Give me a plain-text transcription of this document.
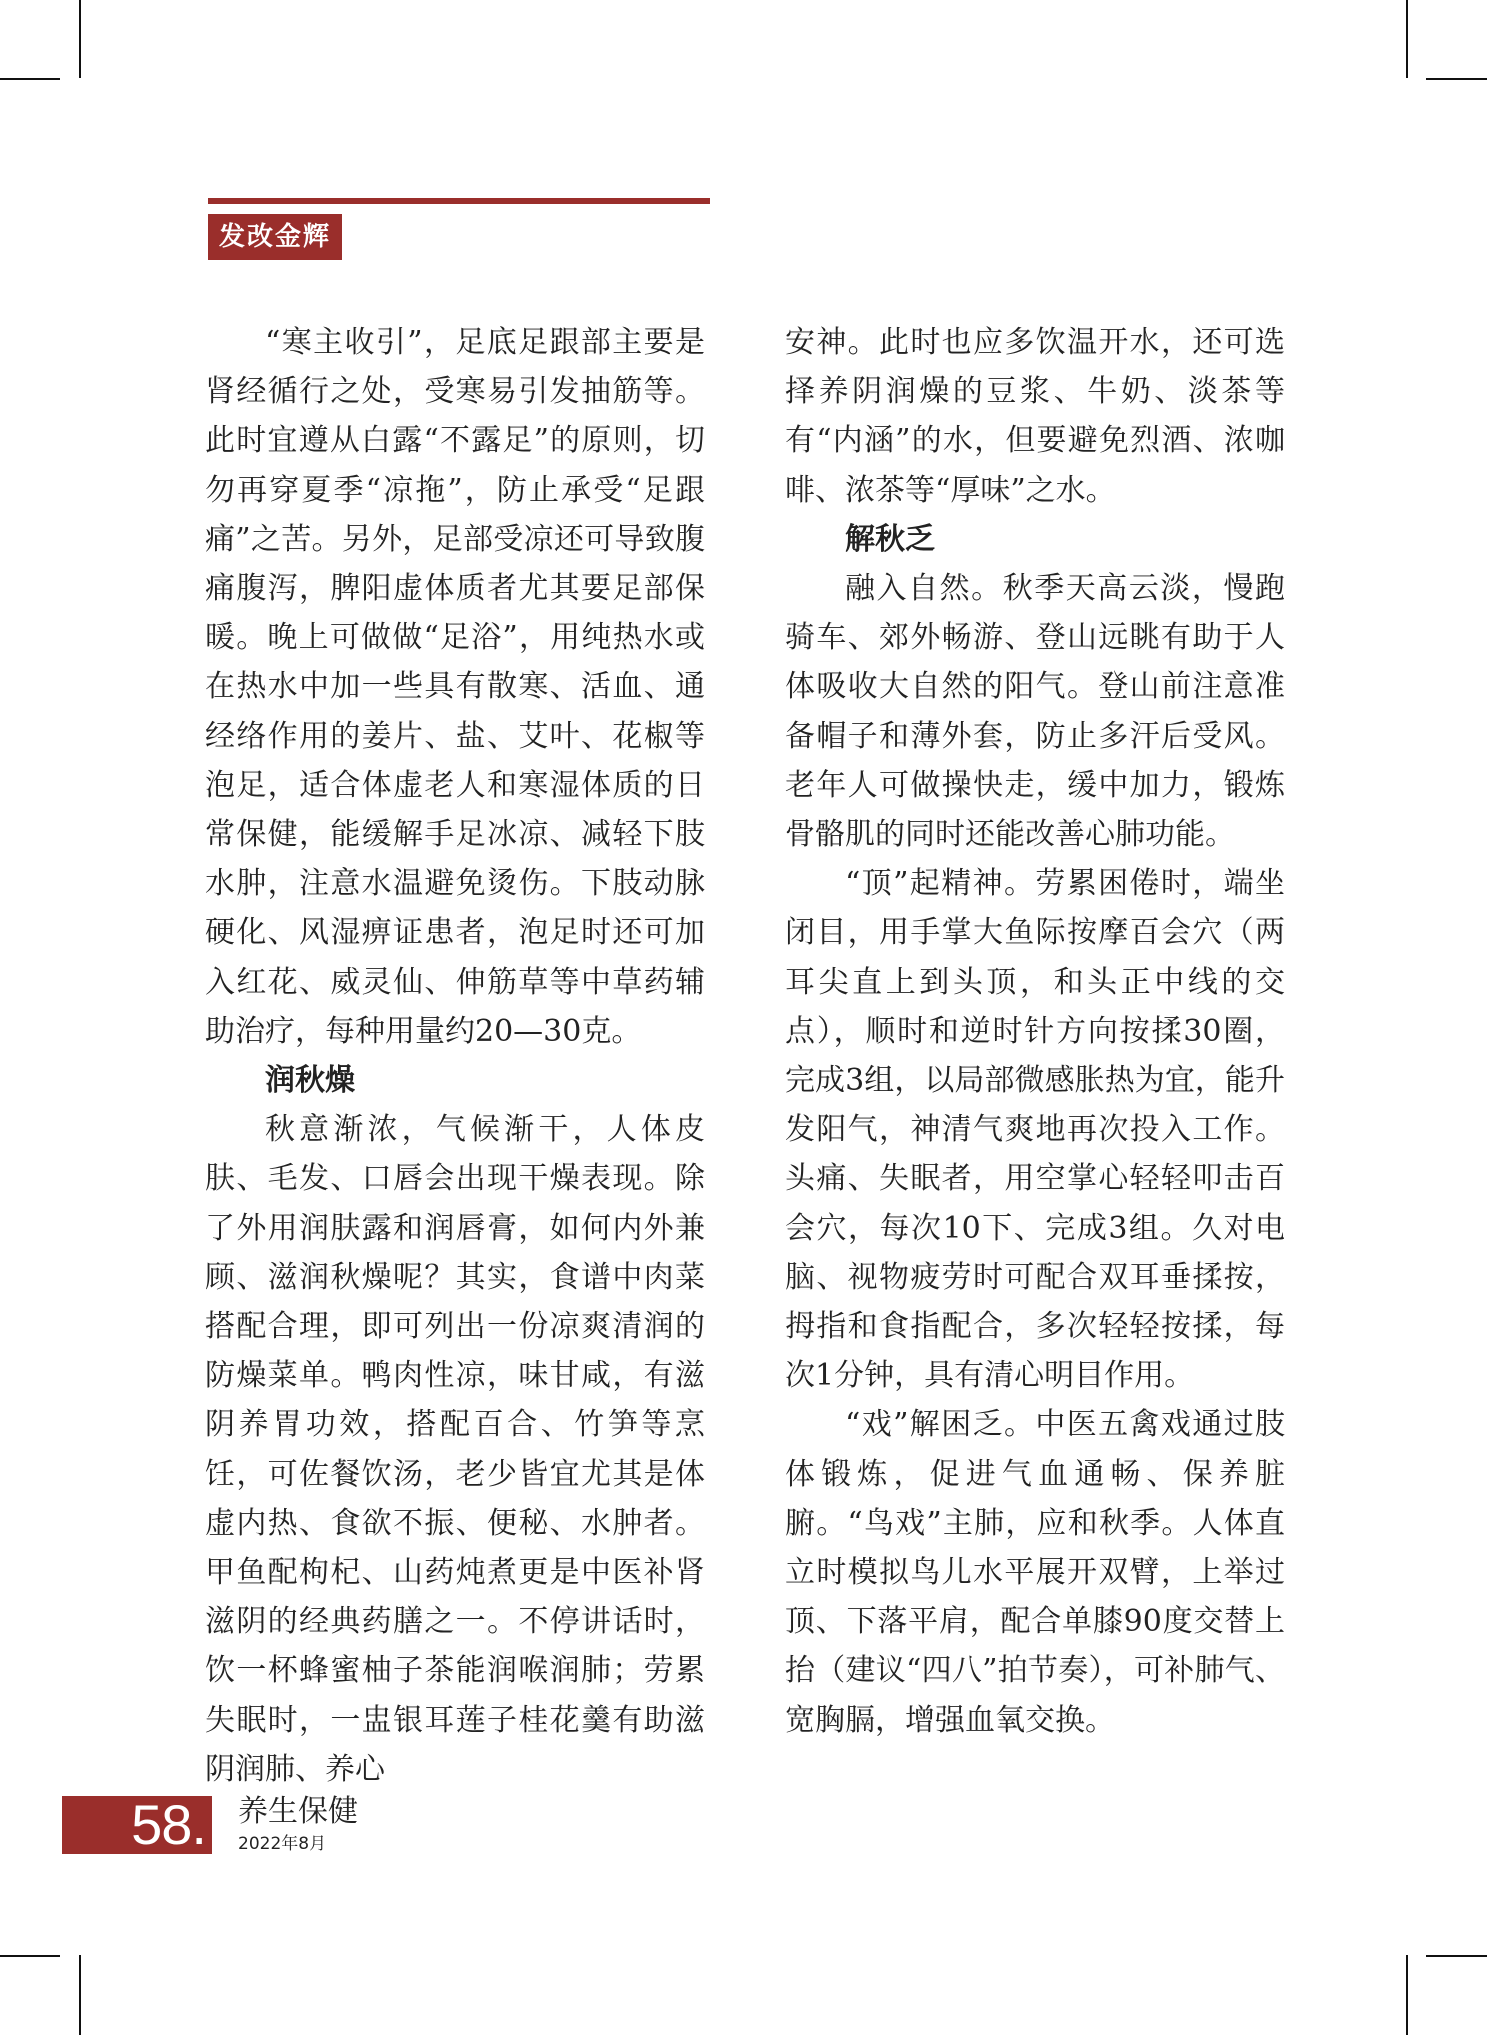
发改金辉

“寒主收引”，足底足跟部主要是肾经循行之处，受寒易引发抽筋等。此时宜遵从白露“不露足”的原则，切勿再穿夏季“凉拖”，防止承受“足跟痛”之苦。另外，足部受凉还可导致腹痛腹泻，脾阳虚体质者尤其要足部保暖。晚上可做做“足浴”，用纯热水或在热水中加一些具有散寒、活血、通经络作用的姜片、盐、艾叶、花椒等泡足，适合体虚老人和寒湿体质的日常保健，能缓解手足冰凉、减轻下肢水肿，注意水温避免烫伤。下肢动脉硬化、风湿痹证患者，泡足时还可加入红花、威灵仙、伸筋草等中草药辅助治疗，每种用量约20—30克。

润秋燥

秋意渐浓，气候渐干，人体皮肤、毛发、口唇会出现干燥表现。除了外用润肤露和润唇膏，如何内外兼顾、滋润秋燥呢？其实，食谱中肉菜搭配合理，即可列出一份凉爽清润的防燥菜单。鸭肉性凉，味甘咸，有滋阴养胃功效，搭配百合、竹笋等烹饪，可佐餐饮汤，老少皆宜尤其是体虚内热、食欲不振、便秘、水肿者。甲鱼配枸杞、山药炖煮更是中医补肾滋阴的经典药膳之一。不停讲话时，饮一杯蜂蜜柚子茶能润喉润肺；劳累失眠时，一盅银耳莲子桂花羹有助滋阴润肺、养心

安神。此时也应多饮温开水，还可选择养阴润燥的豆浆、牛奶、淡茶等有“内涵”的水，但要避免烈酒、浓咖啡、浓茶等“厚味”之水。

解秋乏

融入自然。秋季天高云淡，慢跑骑车、郊外畅游、登山远眺有助于人体吸收大自然的阳气。登山前注意准备帽子和薄外套，防止多汗后受风。老年人可做操快走，缓中加力，锻炼骨骼肌的同时还能改善心肺功能。

“顶”起精神。劳累困倦时，端坐闭目，用手掌大鱼际按摩百会穴（两耳尖直上到头顶，和头正中线的交点），顺时和逆时针方向按揉30圈，完成3组，以局部微感胀热为宜，能升发阳气，神清气爽地再次投入工作。头痛、失眠者，用空掌心轻轻叩击百会穴，每次10下、完成3组。久对电脑、视物疲劳时可配合双耳垂揉按，拇指和食指配合，多次轻轻按揉，每次1分钟，具有清心明目作用。

“戏”解困乏。中医五禽戏通过肢体锻炼，促进气血通畅、保养脏腑。“鸟戏”主肺，应和秋季。人体直立时模拟鸟儿水平展开双臂，上举过顶、下落平肩，配合单膝90度交替上抬（建议“四八”拍节奏），可补肺气、宽胸膈，增强血氧交换。

58. 养生保健
2022年8月
